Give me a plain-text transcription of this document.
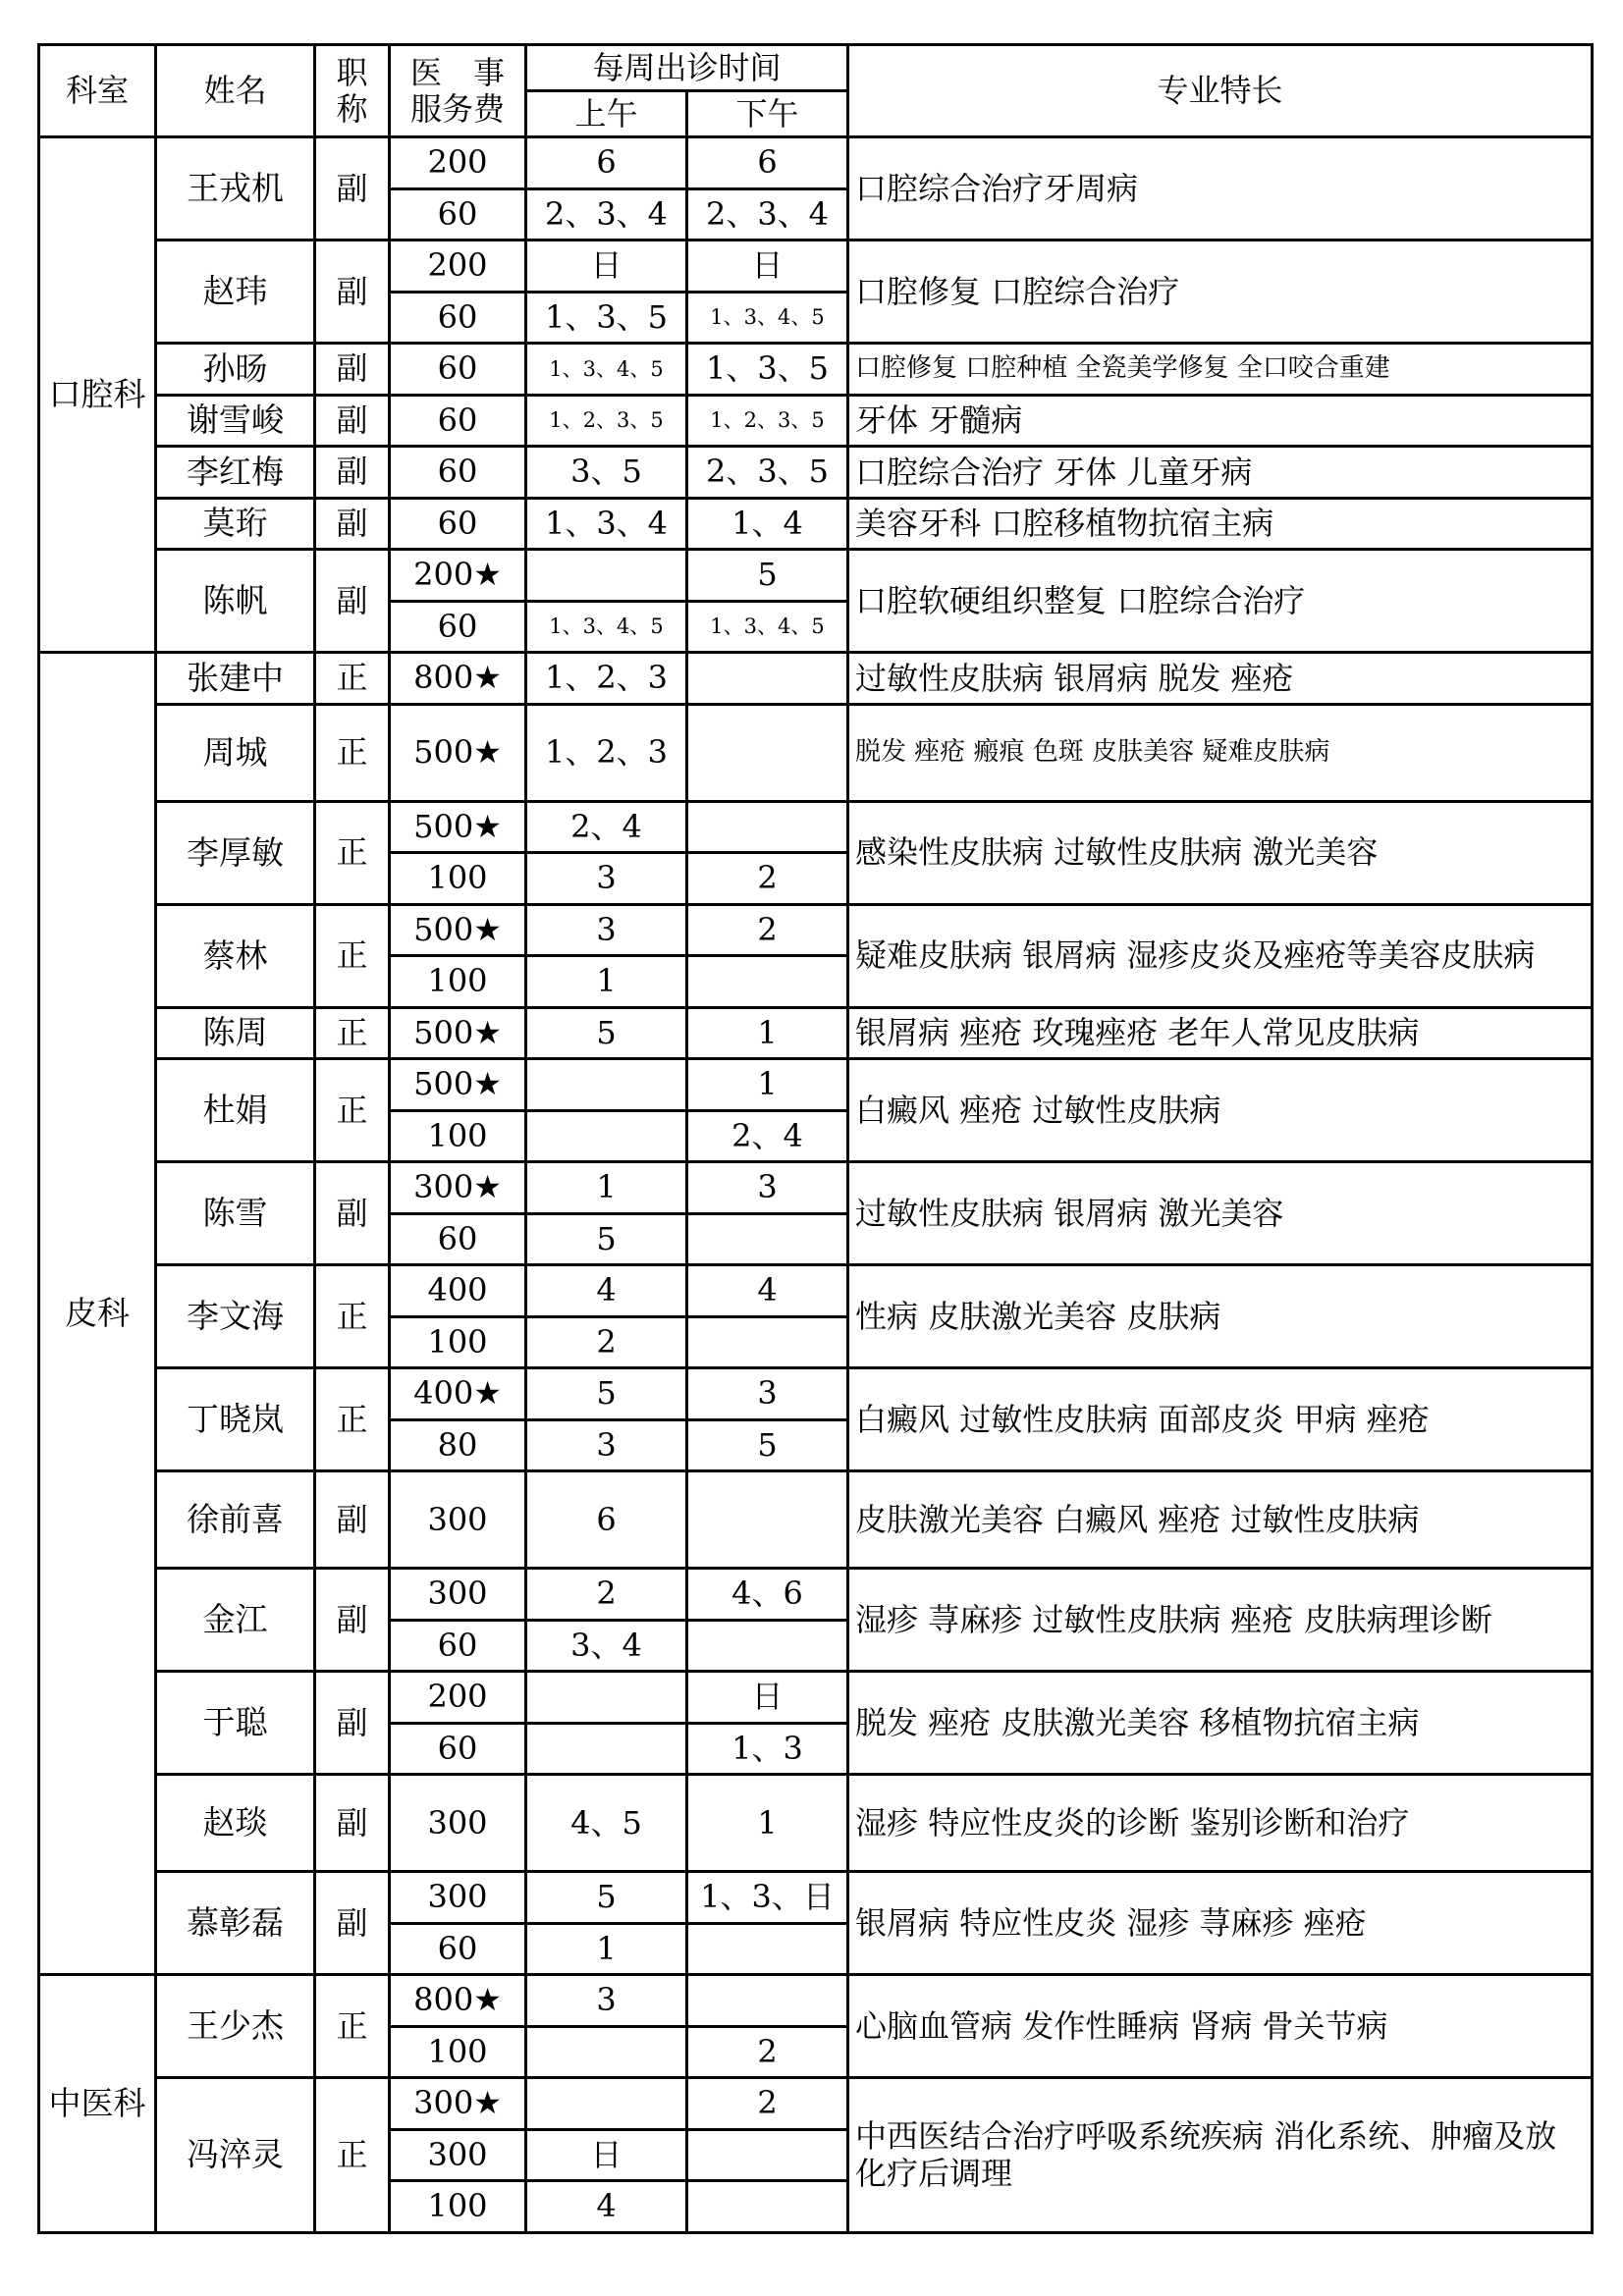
科室	姓名	职称	医　事
服务费	每周出诊时间		专业特长
				上午	下午	
口腔科	王戎机	副	200	6	6	口腔综合治疗牙周病
			60	2、3、4	2、3、4	
	赵玮	副	200	日	日	口腔修复 口腔综合治疗
			60	1、3、5	1、3、4、5	
	孙旸	副	60	1、3、4、5	1、3、5	口腔修复 口腔种植 全瓷美学修复 全口咬合重建
	谢雪峻	副	60	1、2、3、5	1、2、3、5	牙体 牙髓病
	李红梅	副	60	3、5	2、3、5	口腔综合治疗 牙体 儿童牙病
	莫珩	副	60	1、3、4	1、4	美容牙科 口腔移植物抗宿主病
	陈帆	副	200★		5	口腔软硬组织整复 口腔综合治疗
			60	1、3、4、5	1、3、4、5	
皮科	张建中	正	800★	1、2、3		过敏性皮肤病 银屑病 脱发 痤疮
	周城	正	500★	1、2、3		脱发 痤疮 瘢痕 色斑 皮肤美容 疑难皮肤病
	李厚敏	正	500★	2、4		感染性皮肤病 过敏性皮肤病 激光美容
			100	3	2	
	蔡林	正	500★	3	2	疑难皮肤病 银屑病 湿疹皮炎及痤疮等美容皮肤病
			100	1		
	陈周	正	500★	5	1	银屑病 痤疮 玫瑰痤疮 老年人常见皮肤病
	杜娟	正	500★		1	白癜风 痤疮 过敏性皮肤病
			100		2、4	
	陈雪	副	300★	1	3	过敏性皮肤病 银屑病 激光美容
			60	5		
	李文海	正	400	4	4	性病 皮肤激光美容 皮肤病
			100	2		
	丁晓岚	正	400★	5	3	白癜风 过敏性皮肤病 面部皮炎 甲病 痤疮
			80	3	5	
	徐前喜	副	300	6		皮肤激光美容 白癜风 痤疮 过敏性皮肤病
	金江	副	300	2	4、6	湿疹 荨麻疹 过敏性皮肤病 痤疮 皮肤病理诊断
			60	3、4		
	于聪	副	200		日	脱发 痤疮 皮肤激光美容 移植物抗宿主病
			60		1、3	
	赵琰	副	300	4、5	1	湿疹 特应性皮炎的诊断 鉴别诊断和治疗
	慕彰磊	副	300	5	1、3、日	银屑病 特应性皮炎 湿疹 荨麻疹 痤疮
			60	1		
中医科	王少杰	正	800★	3		心脑血管病 发作性睡病 肾病 骨关节病
			100		2	
	冯淬灵	正	300★		2	中西医结合治疗呼吸系统疾病 消化系统、肿瘤及放化疗后调理
			300	日		
			100	4		
